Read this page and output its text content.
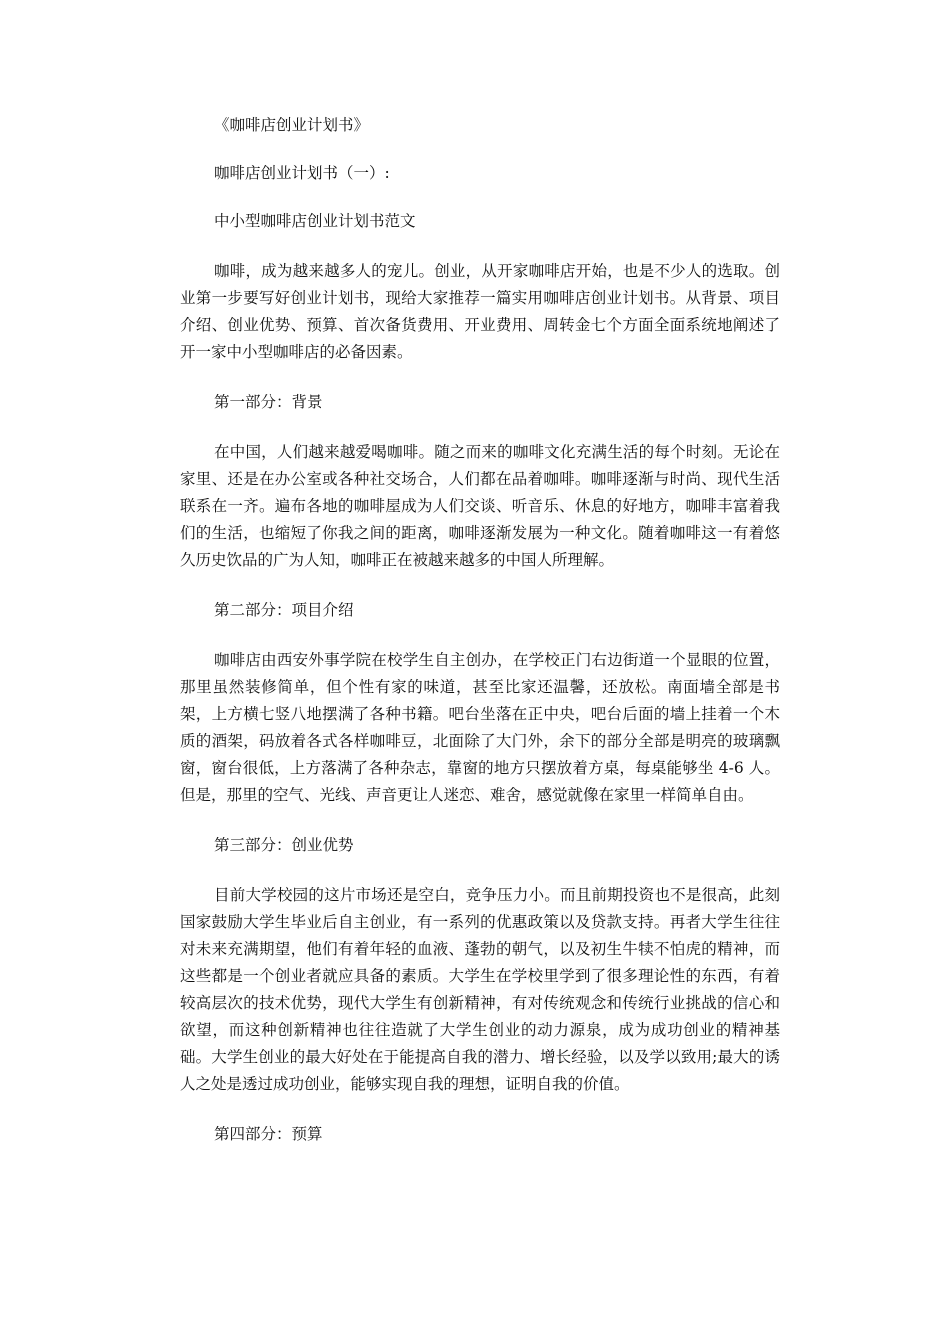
《咖啡店创业计划书》

咖啡店创业计划书（一）:

中小型咖啡店创业计划书范文

咖啡，成为越来越多人的宠儿。创业，从开家咖啡店开始，也是不少人的选取。创业第一步要写好创业计划书，现给大家推荐一篇实用咖啡店创业计划书。从背景、项目介绍、创业优势、预算、首次备货费用、开业费用、周转金七个方面全面系统地阐述了开一家中小型咖啡店的必备因素。

第一部分：背景

在中国，人们越来越爱喝咖啡。随之而来的咖啡文化充满生活的每个时刻。无论在家里、还是在办公室或各种社交场合，人们都在品着咖啡。咖啡逐渐与时尚、现代生活联系在一齐。遍布各地的咖啡屋成为人们交谈、听音乐、休息的好地方，咖啡丰富着我们的生活，也缩短了你我之间的距离，咖啡逐渐发展为一种文化。随着咖啡这一有着悠久历史饮品的广为人知，咖啡正在被越来越多的中国人所理解。

第二部分：项目介绍

咖啡店由西安外事学院在校学生自主创办，在学校正门右边街道一个显眼的位置，那里虽然装修简单，但个性有家的味道，甚至比家还温馨，还放松。南面墙全部是书架，上方横七竖八地摆满了各种书籍。吧台坐落在正中央，吧台后面的墙上挂着一个木质的酒架，码放着各式各样咖啡豆，北面除了大门外，余下的部分全部是明亮的玻璃飘窗，窗台很低，上方落满了各种杂志，靠窗的地方只摆放着方桌，每桌能够坐 4-6 人。但是，那里的空气、光线、声音更让人迷恋、难舍，感觉就像在家里一样简单自由。

第三部分：创业优势

目前大学校园的这片市场还是空白，竞争压力小。而且前期投资也不是很高，此刻国家鼓励大学生毕业后自主创业，有一系列的优惠政策以及贷款支持。再者大学生往往对未来充满期望，他们有着年轻的血液、蓬勃的朝气，以及初生牛犊不怕虎的精神，而这些都是一个创业者就应具备的素质。大学生在学校里学到了很多理论性的东西，有着较高层次的技术优势，现代大学生有创新精神，有对传统观念和传统行业挑战的信心和欲望，而这种创新精神也往往造就了大学生创业的动力源泉，成为成功创业的精神基础。大学生创业的最大好处在于能提高自我的潜力、增长经验，以及学以致用;最大的诱人之处是透过成功创业，能够实现自我的理想，证明自我的价值。

第四部分：预算
